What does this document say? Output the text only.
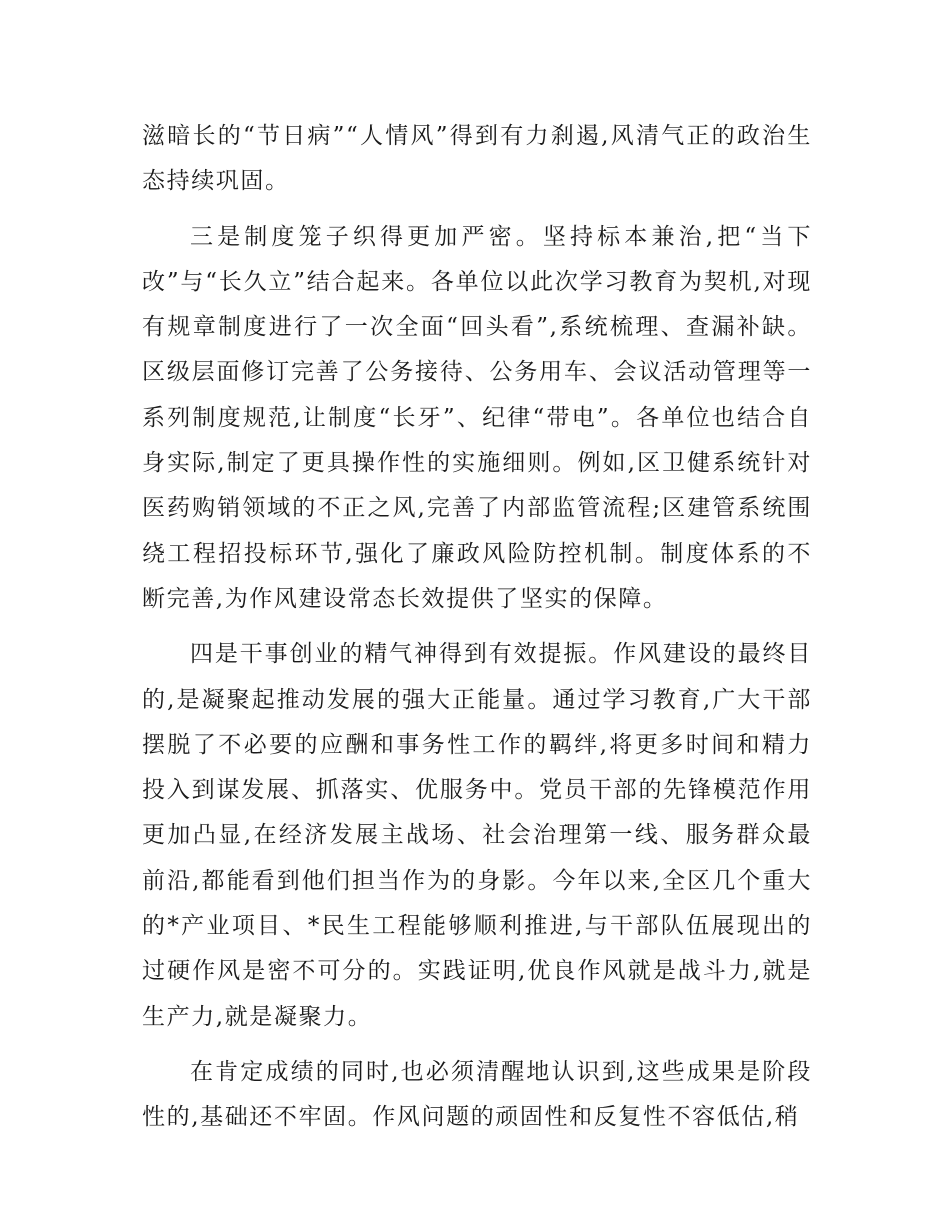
滋暗长的“节日病”“人情风”得到有力刹遏,风清气正的政治生态持续巩固。

三是制度笼子织得更加严密。坚持标本兼治,把“当下改”与“长久立”结合起来。各单位以此次学习教育为契机,对现有规章制度进行了一次全面“回头看”,系统梳理、查漏补缺。区级层面修订完善了公务接待、公务用车、会议活动管理等一系列制度规范,让制度“长牙”、纪律“带电”。各单位也结合自身实际,制定了更具操作性的实施细则。例如,区卫健系统针对医药购销领域的不正之风,完善了内部监管流程;区建管系统围绕工程招投标环节,强化了廉政风险防控机制。制度体系的不断完善,为作风建设常态长效提供了坚实的保障。

四是干事创业的精气神得到有效提振。作风建设的最终目的,是凝聚起推动发展的强大正能量。通过学习教育,广大干部摆脱了不必要的应酬和事务性工作的羁绊,将更多时间和精力投入到谋发展、抓落实、优服务中。党员干部的先锋模范作用更加凸显,在经济发展主战场、社会治理第一线、服务群众最前沿,都能看到他们担当作为的身影。今年以来,全区几个重大的*产业项目、*民生工程能够顺利推进,与干部队伍展现出的过硬作风是密不可分的。实践证明,优良作风就是战斗力,就是生产力,就是凝聚力。

在肯定成绩的同时,也必须清醒地认识到,这些成果是阶段性的,基础还不牢固。作风问题的顽固性和反复性不容低估,稍
